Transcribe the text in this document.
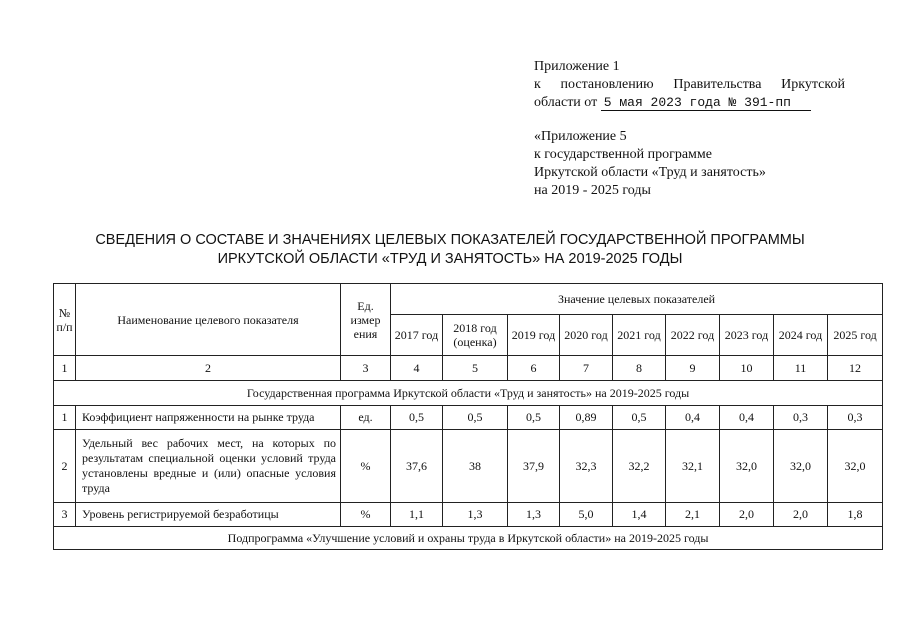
Приложение 1
к постановлению Правительства Иркутской
области от 5 мая 2023 года № 391-пп
«Приложение 5
к государственной программе
Иркутской области «Труд и занятость»
на 2019 - 2025 годы
СВЕДЕНИЯ О СОСТАВЕ И ЗНАЧЕНИЯХ ЦЕЛЕВЫХ ПОКАЗАТЕЛЕЙ ГОСУДАРСТВЕННОЙ ПРОГРАММЫ
ИРКУТСКОЙ ОБЛАСТИ «ТРУД И ЗАНЯТОСТЬ» НА 2019-2025 ГОДЫ
№ п/п	Наименование целевого показателя	Ед. измер ения	Значение целевых показателей								
			2017 год	2018 год (оценка)	2019 год	2020 год	2021 год	2022 год	2023 год	2024 год	2025 год
1	2	3	4	5	6	7	8	9	10	11	12
Государственная программа Иркутской области «Труд и занятость» на 2019-2025 годы											
1	Коэффициент напряженности на рынке труда	ед.	0,5	0,5	0,5	0,89	0,5	0,4	0,4	0,3	0,3
2	Удельный вес рабочих мест, на которых по результатам специальной оценки условий труда установлены вредные и (или) опасные условия труда	%	37,6	38	37,9	32,3	32,2	32,1	32,0	32,0	32,0
3	Уровень регистрируемой безработицы	%	1,1	1,3	1,3	5,0	1,4	2,1	2,0	2,0	1,8
Подпрограмма «Улучшение условий и охраны труда в Иркутской области» на 2019-2025 годы											
